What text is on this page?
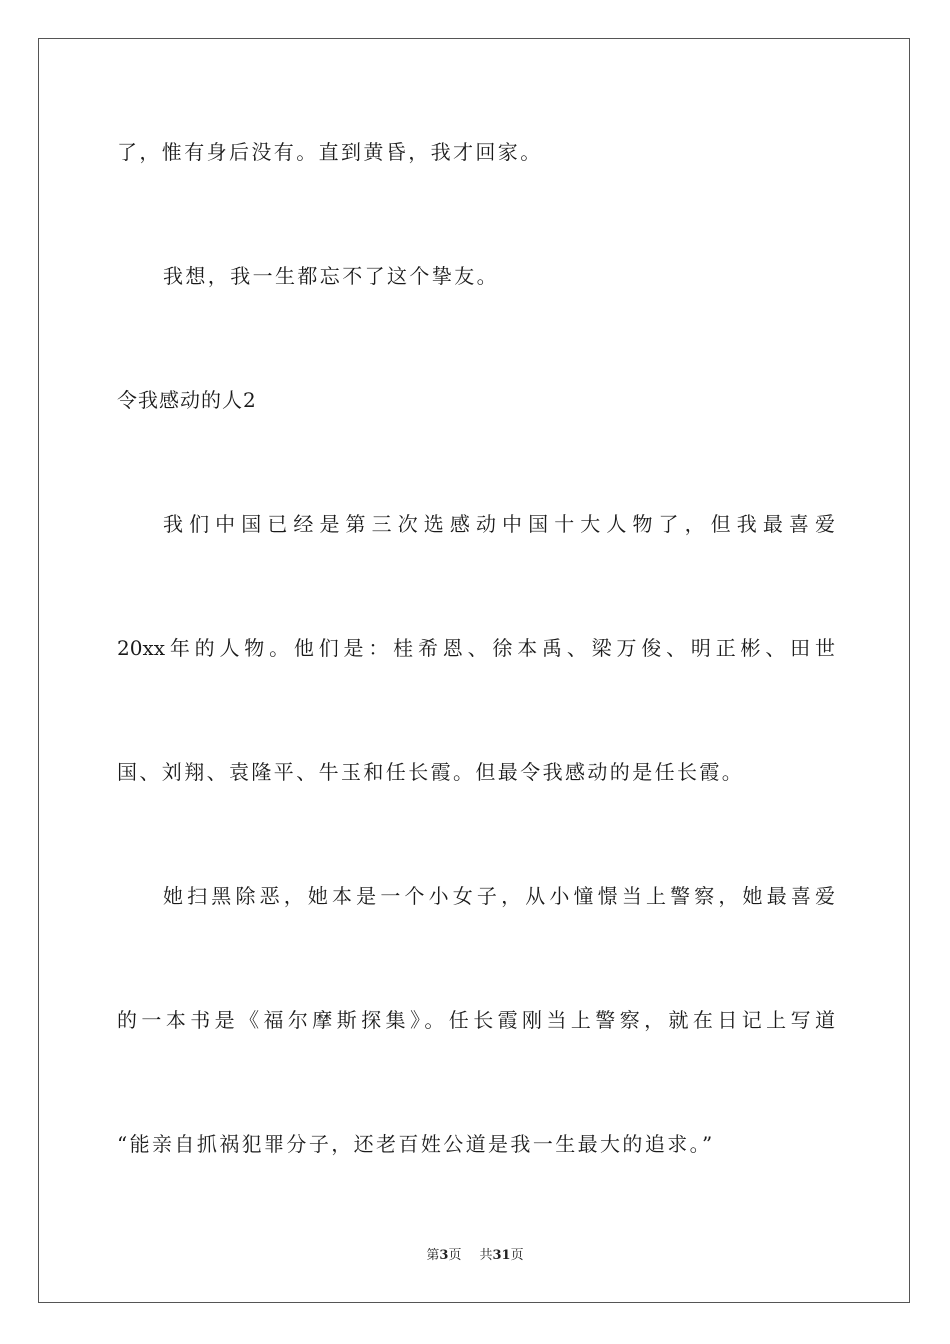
了，惟有身后没有。直到黄昏，我才回家。
我想，我一生都忘不了这个挚友。
令我感动的人2
我们中国已经是第三次选感动中国十大人物了，但我最喜爱
20xx年的人物。他们是：桂希恩、徐本禹、梁万俊、明正彬、田世
国、刘翔、袁隆平、牛玉和任长霞。但最令我感动的是任长霞。
她扫黑除恶，她本是一个小女子，从小憧憬当上警察，她最喜爱
的一本书是《福尔摩斯探集》。任长霞刚当上警察，就在日记上写道
“能亲自抓祸犯罪分子，还老百姓公道是我一生最大的追求。”
第3页 共31页
